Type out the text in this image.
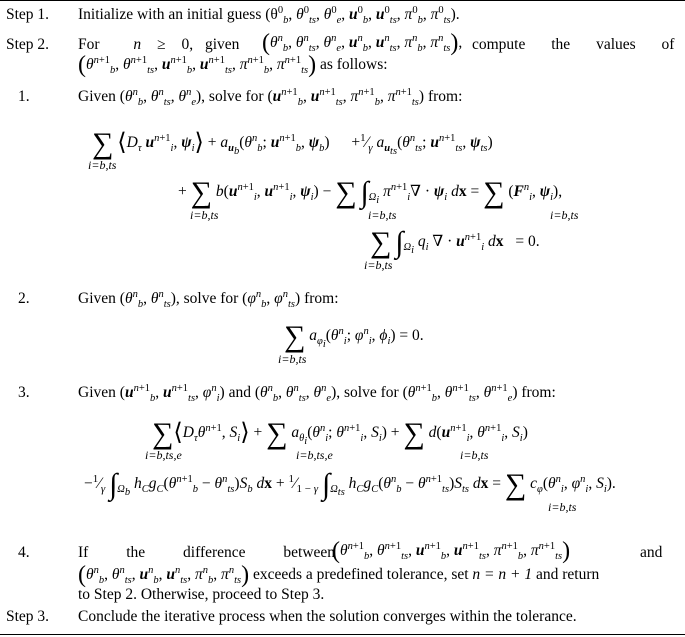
Step 1. Initialize with an initial guess ($\theta^0_b$, $\theta^0_{ts}$, $\theta^0_e$, $u^0_b$, $u^0_{ts}$, $\pi^0_b$, $\pi^0_{ts}$).
Step 2. For n ≥ 0, given ($\theta^n_b$, $\theta^n_{ts}$, $\theta^n_e$, $u^n_b$, $u^n_{ts}$, $\pi^n_b$, $\pi^n_{ts}$), compute the values of
($\theta^{n+1}_b$, $\theta^{n+1}_{ts}$, $u^{n+1}_b$, $u^{n+1}_{ts}$, $\pi^{n+1}_b$, $\pi^{n+1}_{ts}$) as follows:
1.	Given ($\theta^n_b$, $\theta^n_{ts}$, $\theta^n_e$), solve for ($u^{n+1}_b$, $u^{n+1}_{ts}$, $\pi^{n+1}_b$, $\pi^{n+1}_{ts}$) from:
∑ $⟨D_\tau$ $u^{n+1}_i$, $\psi_i⟩ + a_{u_b}(\theta^n_b$; $u^{n+1}_b$, $\psi_b$) $+^1⁄_\gamma$ $a_{u_{ts}}(\theta^n_{ts}$; $u^{n+1}_{ts}$, $\psi_{ts}$)
i=b,ts
+ ∑ $b(u^{n+1}_i$, $u^{n+1}_i$, $\psi_i$) − ∑ $\int_{\Omega_i}$ $\pi^{n+1}_i\nabla \cdot \psi_i$ dx = ∑ ($F^n_i$, $\psi_i$),
i=b,ts	i=b,ts	i=b,ts
∑ $\int_{\Omega_i}$ $q_i$ ∇ · $u^{n+1}_i$ dx = 0.
i=b,ts
2.	Given ($\theta^n_b$, $\theta^n_{ts}$), solve for ($\varphi^n_b$, $\varphi^n_{ts}$) from:
∑ $a_{\varphi_i}(\theta^n_i$; $\varphi^n_i$, $\phi_i) = 0$.
i=b,ts
3.	Given ($u^{n+1}_b$, $u^{n+1}_{ts}$, $\varphi^n_i$) and ($\theta^n_b$, $\theta^n_{ts}$, $\theta^n_e$), solve for ($\theta^{n+1}_b$, $\theta^{n+1}_{ts}$, $\theta^{n+1}_e$) from:
$\sum⟨D_\tau\theta^{n+1}$, $S_i⟩$ + ∑ $a_{\theta_i}(\theta^n_i$; $\theta^{n+1}_i$, $S_i$) + ∑ $d(u^{n+1}_i$, $\theta^{n+1}_i$, $S_i$)
i=b,ts,e	i=b,ts,e	i=b,ts
$-^1⁄_\gamma$ $\int_{\Omega_b}$ $h_Cg_C(\theta^{n+1}_b - \theta^n_{ts})S_b$ dx + $^1⁄_{1 - \gamma}$ $\int_{\Omega_{ts}}$ $h_Cg_C(\theta^n_b - \theta^{n+1}_{ts})S_{ts}$ dx = ∑ $c_\varphi(\theta^n_i$, $\varphi^n_i$, $S_i$).
i=b,ts
4.	If the difference between
($\theta^{n+1}_b$, $\theta^{n+1}_{ts}$, $u^{n+1}_b$, $u^{n+1}_{ts}$, $\pi^{n+1}_b$, $\pi^{n+1}_{ts}$)	and
($\theta^n_b$, $\theta^n_{ts}$, $u^n_b$, $u^n_{ts}$, $\pi^n_b$, $\pi^n_{ts}$) exceeds a predefined tolerance, set n = n + 1 and return
to Step 2. Otherwise, proceed to Step 3.
Step 3. Conclude the iterative process when the solution converges within the tolerance.
